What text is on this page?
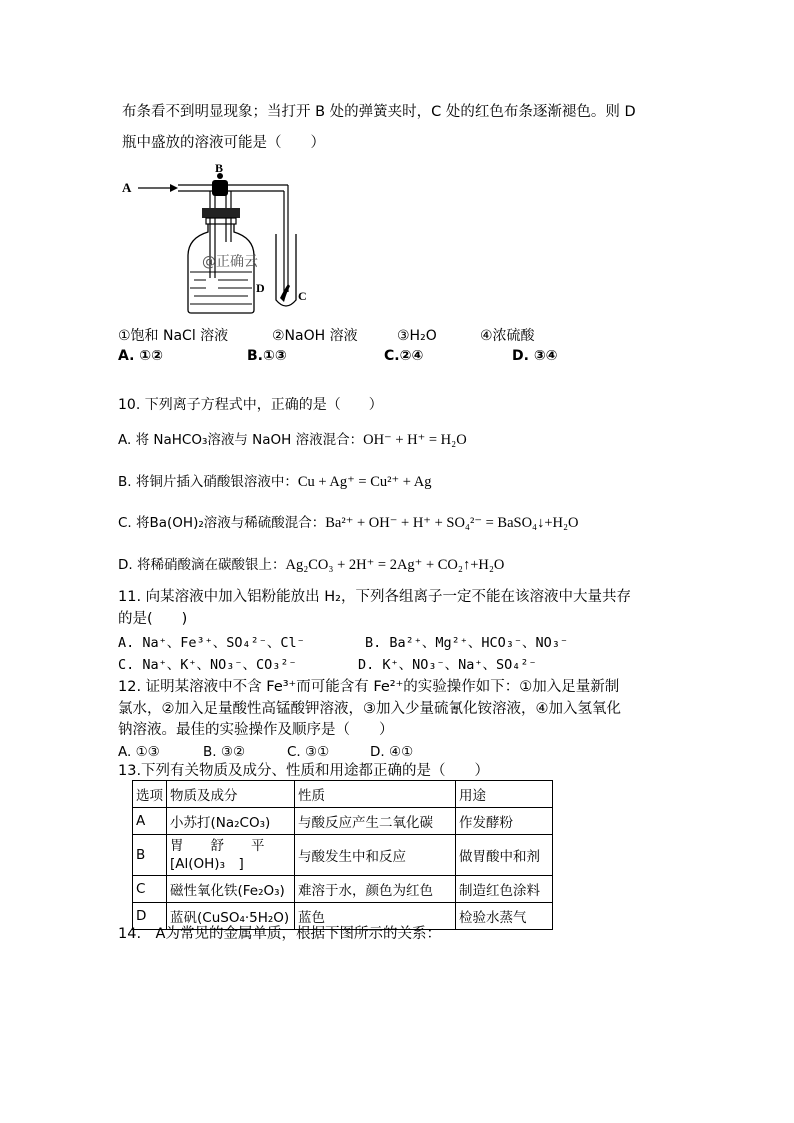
布条看不到明显现象；当打开 B 处的弹簧夹时，C 处的红色布条逐渐褪色。则 D
瓶中盛放的溶液可能是（　　）
A
B
C
D
@正确云
①饱和 NaCl 溶液	②NaOH 溶液	③H₂O	④浓硫酸
A. ①②	B.①③	C.②④	D. ③④
10. 下列离子方程式中，正确的是（　　）
A. 将 NaHCO₃溶液与 NaOH 溶液混合：OH⁻ + H⁺ = H₂O
B. 将铜片插入硝酸银溶液中：Cu + Ag⁺ = Cu²⁺ + Ag
C. 将Ba(OH)₂溶液与稀硫酸混合：Ba²⁺ + OH⁻ + H⁺ + SO₄²⁻ = BaSO₄↓+H₂O
D. 将稀硝酸滴在碳酸银上：Ag₂CO₃ + 2H⁺ = 2Ag⁺ + CO₂↑+H₂O
11. 向某溶液中加入铝粉能放出 H₂，下列各组离子一定不能在该溶液中大量共存
的是(　　)
A. Na⁺、Fe³⁺、SO₄²⁻、Cl⁻	B. Ba²⁺、Mg²⁺、HCO₃⁻、NO₃⁻
C. Na⁺、K⁺、NO₃⁻、CO₃²⁻	D. K⁺、NO₃⁻、Na⁺、SO₄²⁻
12. 证明某溶液中不含 Fe³⁺而可能含有 Fe²⁺的实验操作如下：①加入足量新制
氯水，②加入足量酸性高锰酸钾溶液，③加入少量硫氰化铵溶液，④加入氢氧化
钠溶液。最佳的实验操作及顺序是（　　）
A. ①③	B. ③②	C. ③①	D. ④①
13.下列有关物质及成分、性质和用途都正确的是（　　）
选项	物质及成分	性质	用途
A	小苏打(Na₂CO₃)	与酸反应产生二氧化碳	作发酵粉
B	胃　　舒　　平 [Al(OH)₃　]	与酸发生中和反应	做胃酸中和剂
C	磁性氧化铁(Fe₂O₃)	难溶于水，颜色为红色	制造红色涂料
D	蓝矾(CuSO₄·5H₂O)	蓝色	检验水蒸气
14.　A为常见的金属单质，根据下图所示的关系：
